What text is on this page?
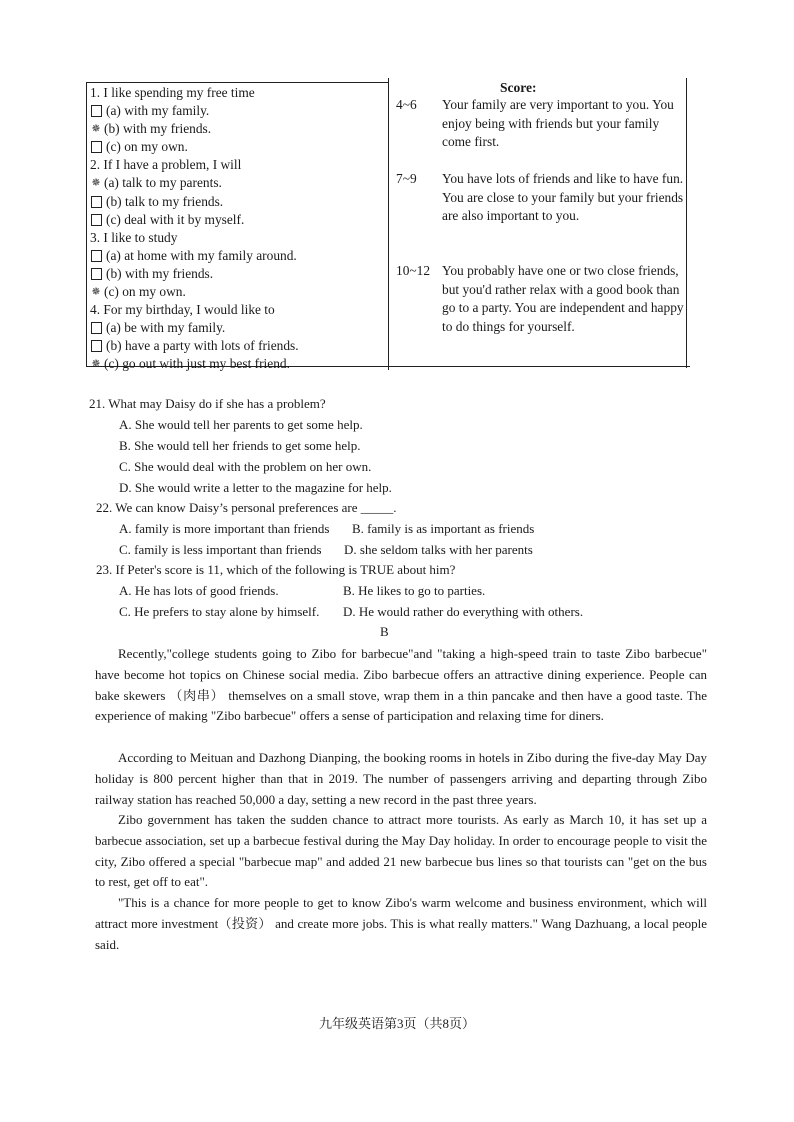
1. I like spending my free time
(a) with my family.
✵ (b) with my friends.
(c) on my own.
2. If I have a problem, I will
✵ (a) talk to my parents.
(b) talk to my friends.
(c) deal with it by myself.
3. I like to study
(a) at home with my family around.
(b) with my friends.
✵ (c) on my own.
4. For my birthday, I would like to
(a) be with my family.
(b) have a party with lots of friends.
✵ (c) go out with just my best friend.
Score:
4~6 Your family are very important to you. You enjoy being with friends but your family come first.
7~9 You have lots of friends and like to have fun. You are close to your family but your friends are also important to you.
10~12 You probably have one or two close friends, but you'd rather relax with a good book than go to a party. You are independent and happy to do things for yourself.
21. What may Daisy do if she has a problem?
A. She would tell her parents to get some help.
B. She would tell her friends to get some help.
C. She would deal with the problem on her own.
D. She would write a letter to the magazine for help.
22. We can know Daisy’s personal preferences are _____.
A. family is more important than friends B. family is as important as friends
C. family is less important than friends D. she seldom talks with her parents
23. If Peter's score is 11, which of the following is TRUE about him?
A. He has lots of good friends.	B. He likes to go to parties.
C. He prefers to stay alone by himself. D. He would rather do everything with others.
B
Recently,"college students going to Zibo for barbecue"and "taking a high-speed train to taste Zibo barbecue" have become hot topics on Chinese social media. Zibo barbecue offers an attractive dining experience. People can bake skewers （肉串） themselves on a small stove, wrap them in a thin pancake and then have a good taste. The experience of making "Zibo barbecue" offers a sense of participation and relaxing time for diners.
According to Meituan and Dazhong Dianping, the booking rooms in hotels in Zibo during the five-day May Day holiday is 800 percent higher than that in 2019. The number of passengers arriving and departing through Zibo railway station has reached 50,000 a day, setting a new record in the past three years.
Zibo government has taken the sudden chance to attract more tourists. As early as March 10, it has set up a barbecue association, set up a barbecue festival during the May Day holiday. In order to encourage people to visit the city, Zibo offered a special "barbecue map" and added 21 new barbecue bus lines so that tourists can "get on the bus to rest, get off to eat".
"This is a chance for more people to get to know Zibo's warm welcome and business environment, which will attract more investment（投资） and create more jobs. This is what really matters." Wang Dazhuang, a local people said.
九年级英语第3页（共8页）
